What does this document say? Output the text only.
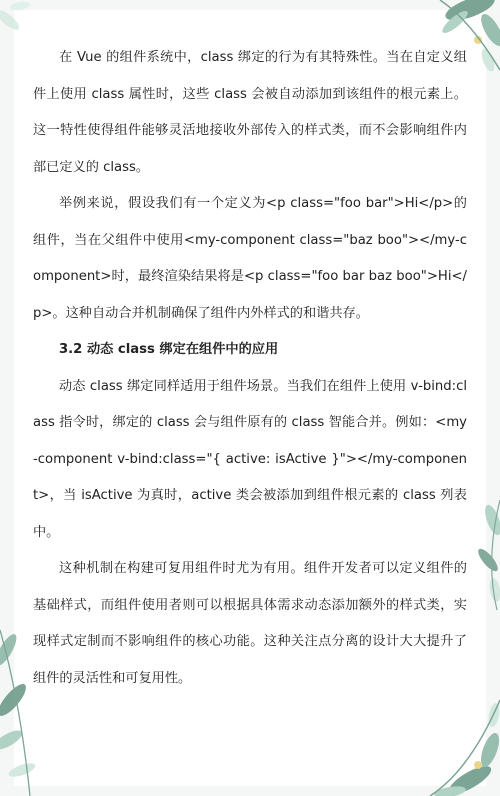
在 Vue 的组件系统中，class 绑定的行为有其特殊性。当在自定义组件上使用 class 属性时，这些 class 会被自动添加到该组件的根元素上。这一特性使得组件能够灵活地接收外部传入的样式类，而不会影响组件内部已定义的 class。

举例来说，假设我们有一个定义为<p class="foo bar">Hi</p>的组件，当在父组件中使用<my-component class="baz boo"></my-component>时，最终渲染结果将是<p class="foo bar baz boo">Hi</p>。这种自动合并机制确保了组件内外样式的和谐共存。

3.2 动态 class 绑定在组件中的应用

动态 class 绑定同样适用于组件场景。当我们在组件上使用 v-bind:class 指令时，绑定的 class 会与组件原有的 class 智能合并。例如：<my-component v-bind:class="{ active: isActive }"></my-component>，当 isActive 为真时，active 类会被添加到组件根元素的 class 列表中。

这种机制在构建可复用组件时尤为有用。组件开发者可以定义组件的基础样式，而组件使用者则可以根据具体需求动态添加额外的样式类，实现样式定制而不影响组件的核心功能。这种关注点分离的设计大大提升了组件的灵活性和可复用性。
